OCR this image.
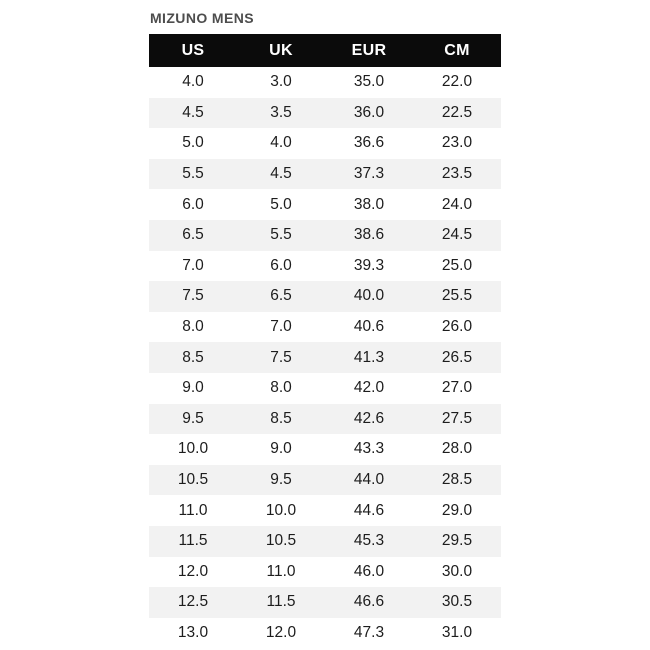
MIZUNO MENS
US	UK	EUR	CM
4.0	3.0	35.0	22.0
4.5	3.5	36.0	22.5
5.0	4.0	36.6	23.0
5.5	4.5	37.3	23.5
6.0	5.0	38.0	24.0
6.5	5.5	38.6	24.5
7.0	6.0	39.3	25.0
7.5	6.5	40.0	25.5
8.0	7.0	40.6	26.0
8.5	7.5	41.3	26.5
9.0	8.0	42.0	27.0
9.5	8.5	42.6	27.5
10.0	9.0	43.3	28.0
10.5	9.5	44.0	28.5
11.0	10.0	44.6	29.0
11.5	10.5	45.3	29.5
12.0	11.0	46.0	30.0
12.5	11.5	46.6	30.5
13.0	12.0	47.3	31.0
